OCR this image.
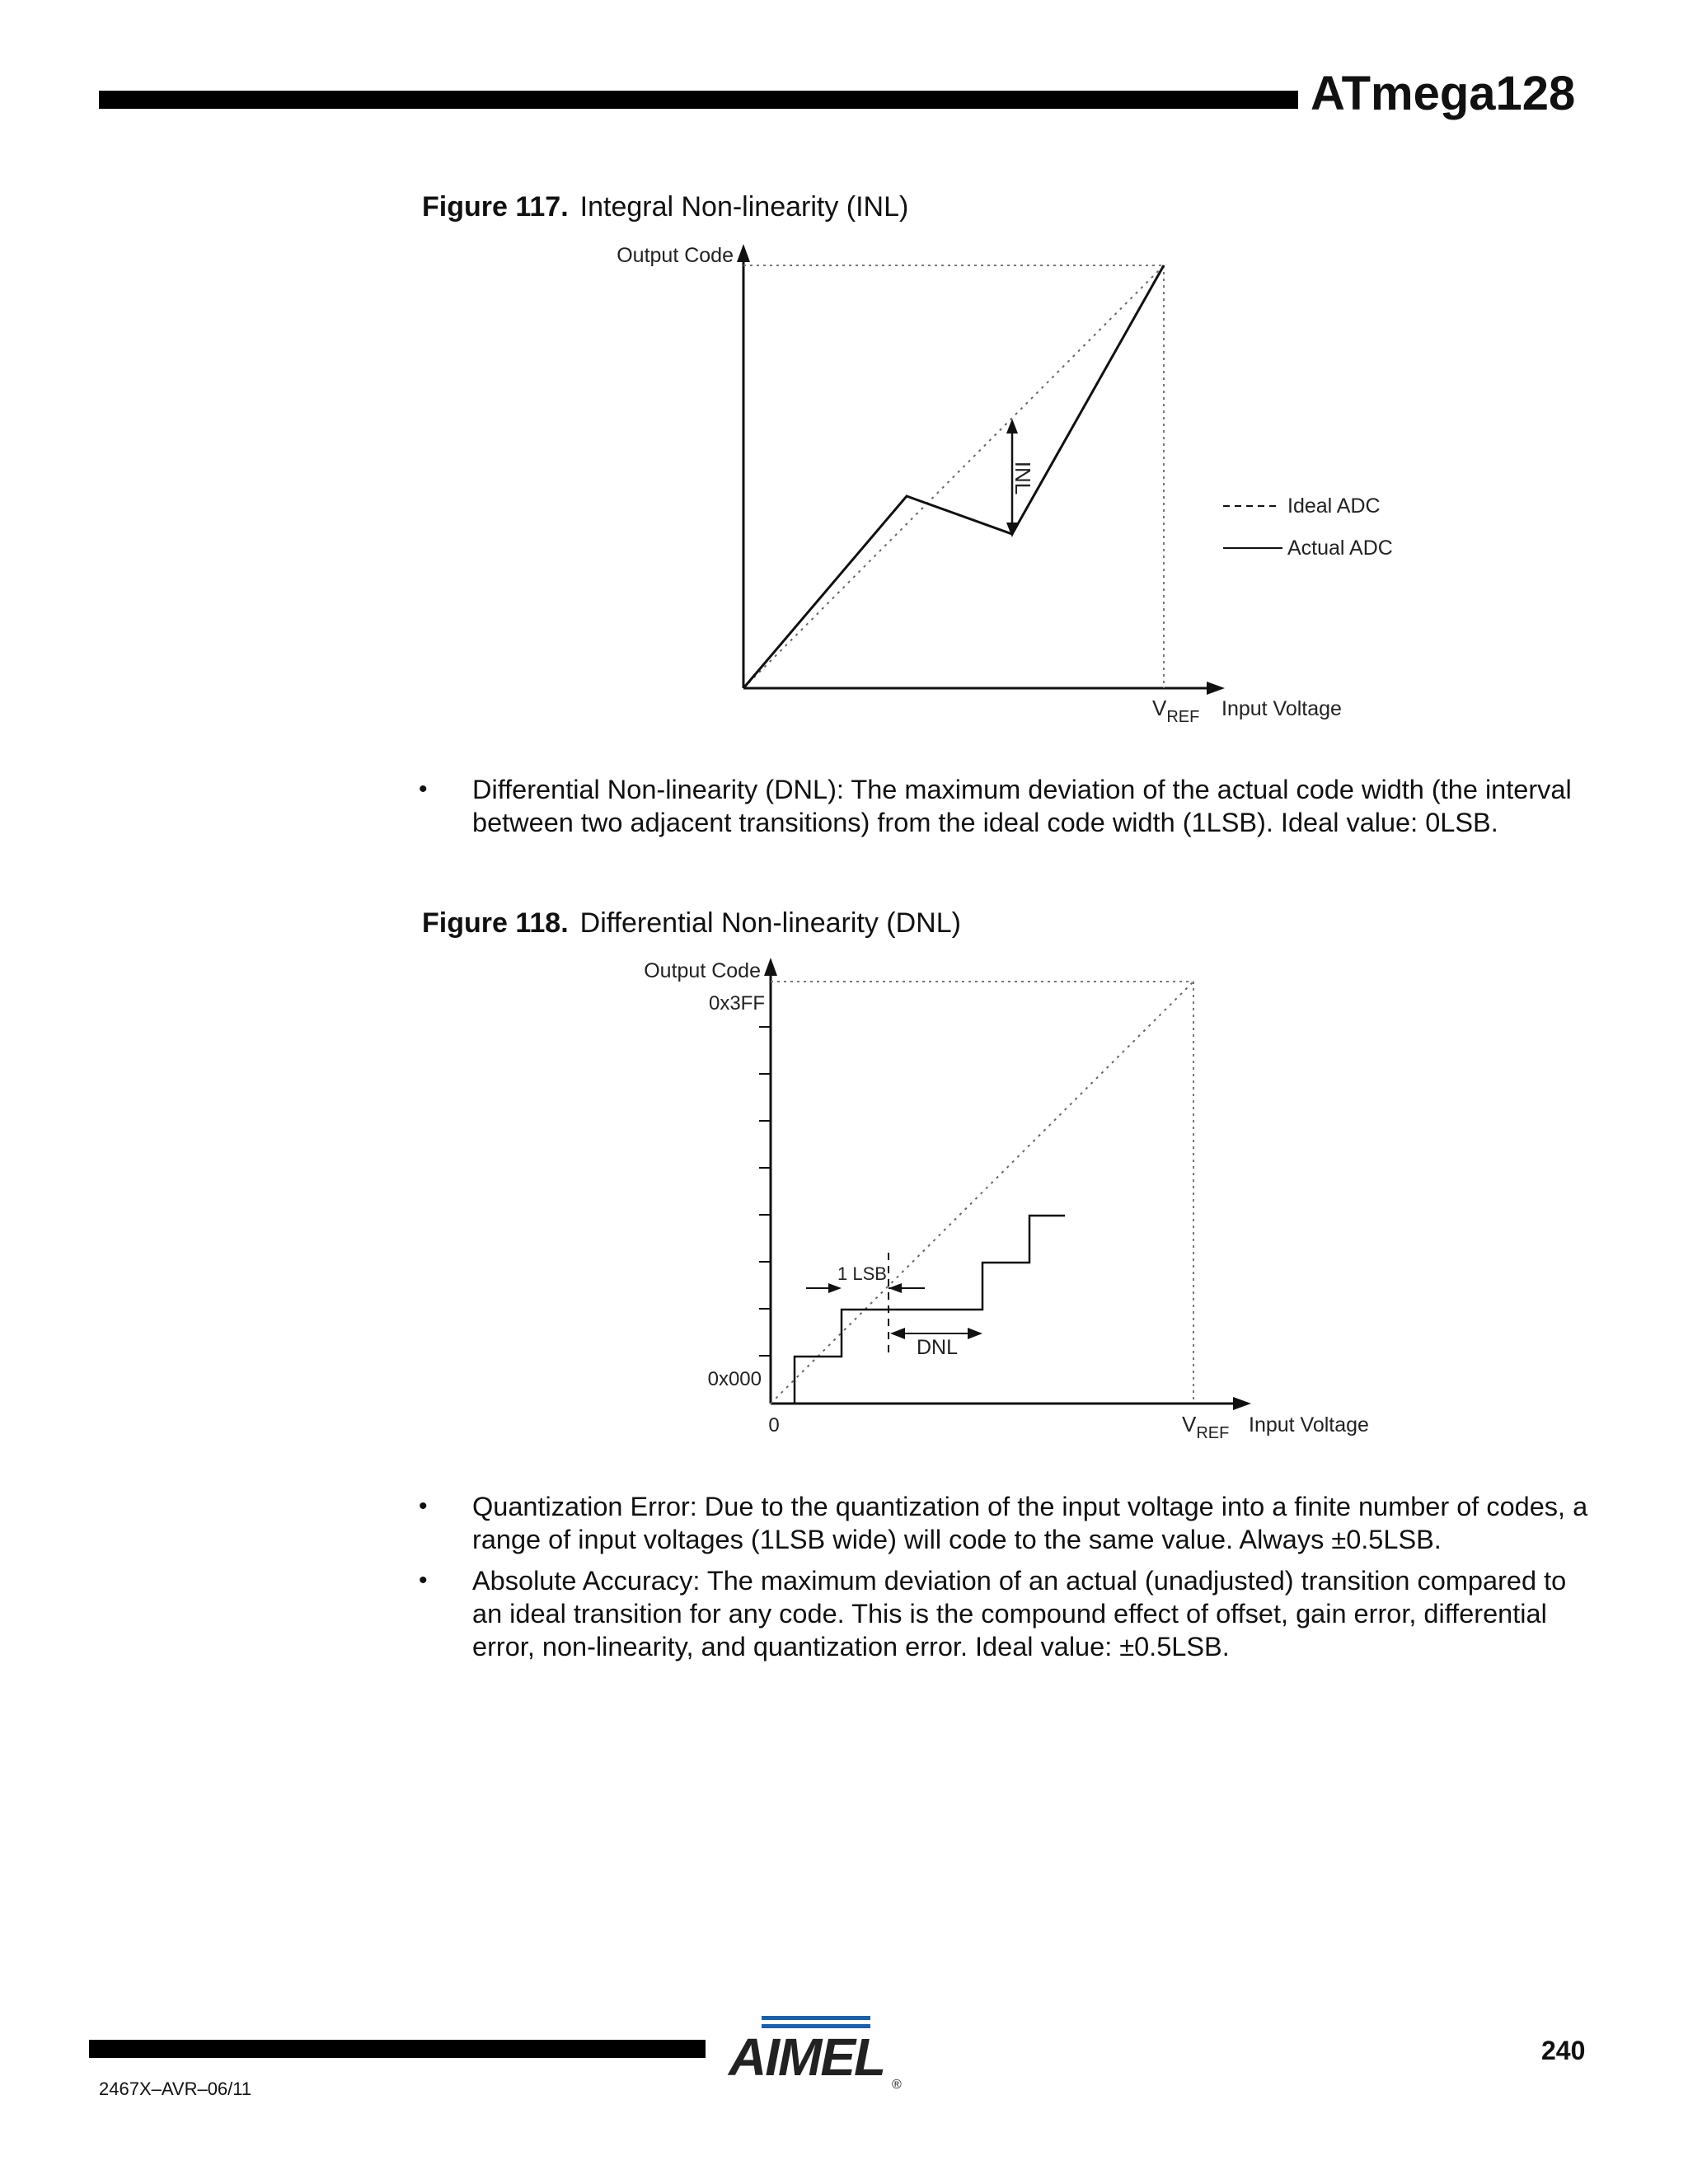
ATmega128
Figure 117. Integral Non-linearity (INL)
INL
Output Code
$V_{REF}$ Input Voltage
Ideal ADC
Actual ADC
• Differential Non-linearity (DNL): The maximum deviation of the actual code width (the interval between two adjacent transitions) from the ideal code width (1LSB). Ideal value: 0LSB.
Figure 118. Differential Non-linearity (DNL)
1 LSB
DNL
Output Code
0x3FF
0x000
0	$V_{REF}$ Input Voltage
• Quantization Error: Due to the quantization of the input voltage into a finite number of codes, a range of input voltages (1LSB wide) will code to the same value. Always ±0.5LSB.
• Absolute Accuracy: The maximum deviation of an actual (unadjusted) transition compared to an ideal transition for any code. This is the compound effect of offset, gain error, differential error, non-linearity, and quantization error. Ideal value: ±0.5LSB.
2467X–AVR–06/11
240
AIMEL ®
